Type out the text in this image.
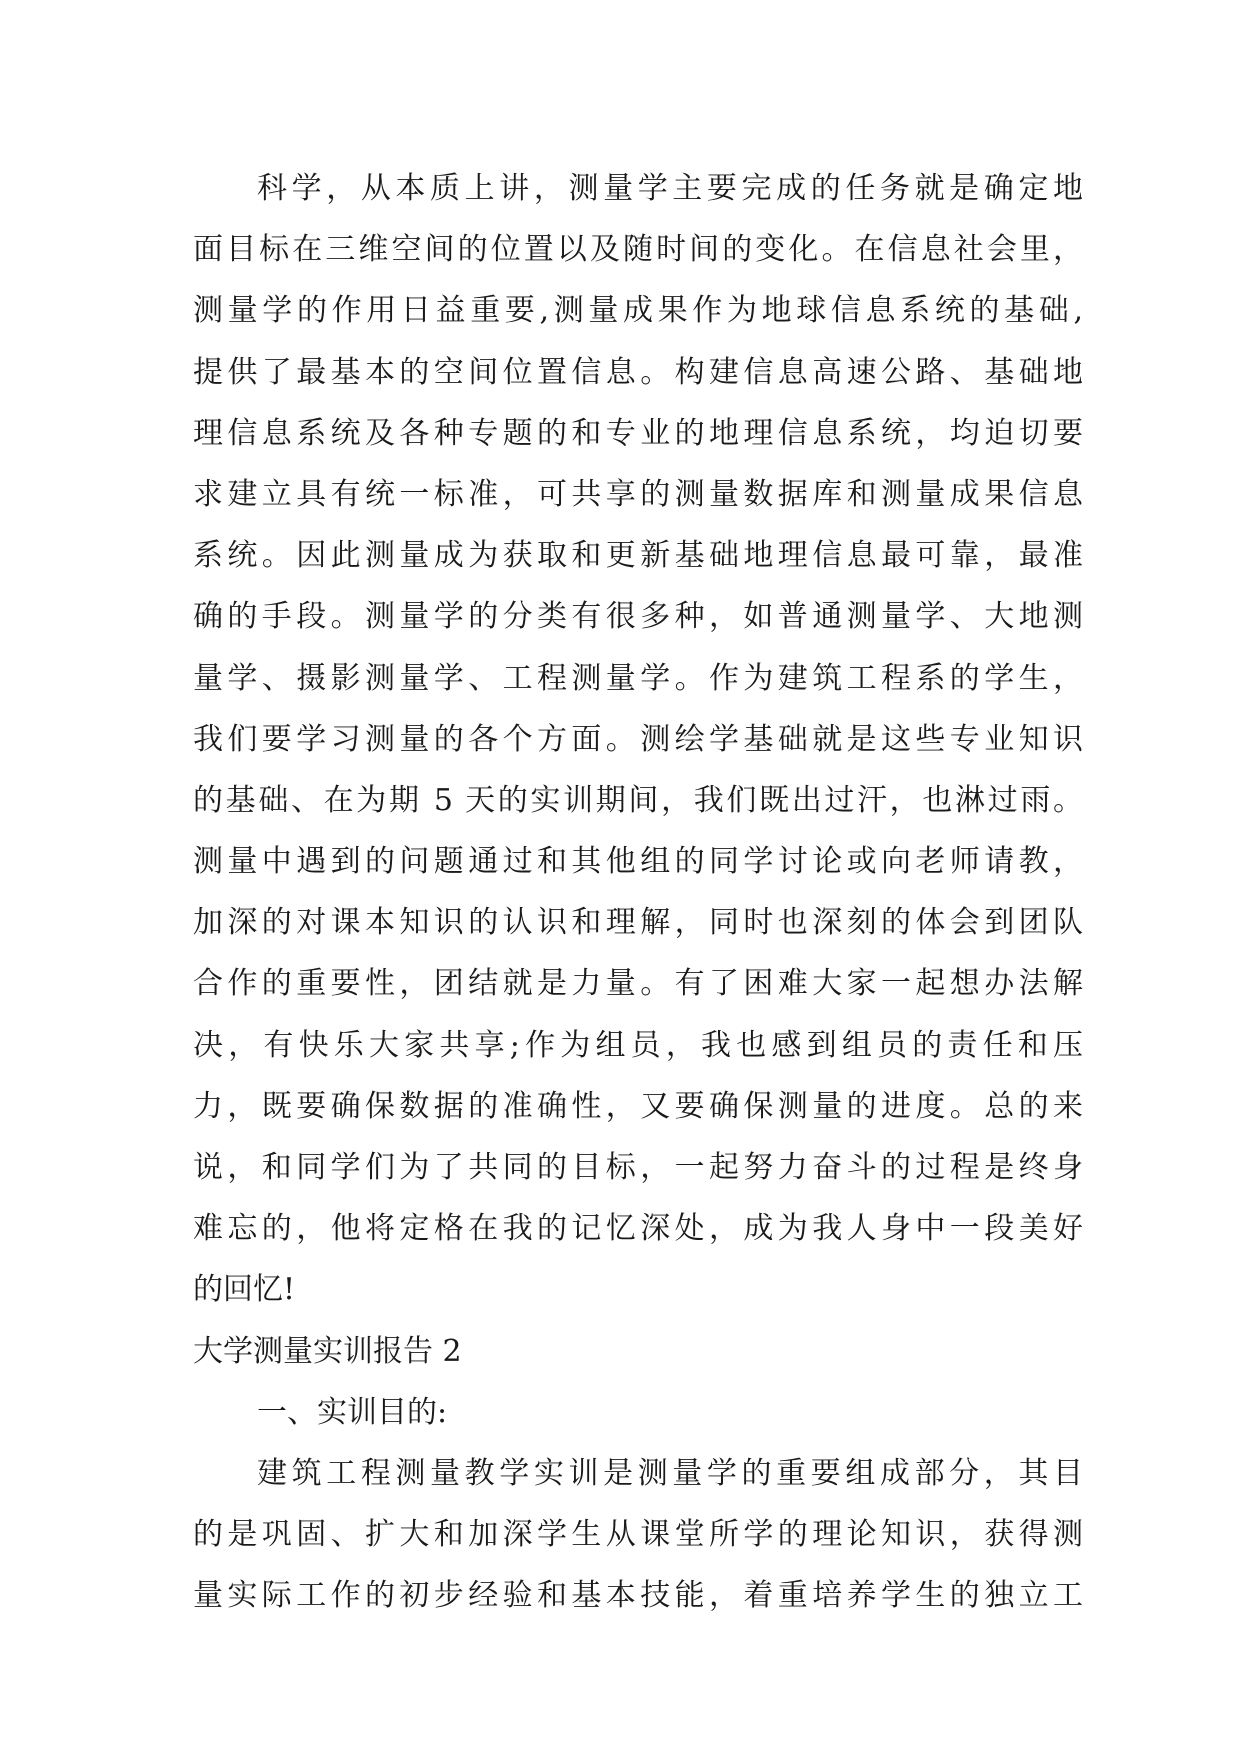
科学，从本质上讲，测量学主要完成的任务就是确定地
面目标在三维空间的位置以及随时间的变化。在信息社会里，
测量学的作用日益重要,测量成果作为地球信息系统的基础,
提供了最基本的空间位置信息。构建信息高速公路、基础地
理信息系统及各种专题的和专业的地理信息系统，均迫切要
求建立具有统一标准，可共享的测量数据库和测量成果信息
系统。因此测量成为获取和更新基础地理信息最可靠，最准
确的手段。测量学的分类有很多种，如普通测量学、大地测
量学、摄影测量学、工程测量学。作为建筑工程系的学生，
我们要学习测量的各个方面。测绘学基础就是这些专业知识
的基础、在为期 5 天的实训期间，我们既出过汗，也淋过雨。
测量中遇到的问题通过和其他组的同学讨论或向老师请教，
加深的对课本知识的认识和理解，同时也深刻的体会到团队
合作的重要性，团结就是力量。有了困难大家一起想办法解
决，有快乐大家共享;作为组员，我也感到组员的责任和压
力，既要确保数据的准确性，又要确保测量的进度。总的来
说，和同学们为了共同的目标，一起努力奋斗的过程是终身
难忘的，他将定格在我的记忆深处，成为我人身中一段美好
的回忆!
大学测量实训报告 2
一、实训目的:
建筑工程测量教学实训是测量学的重要组成部分，其目
的是巩固、扩大和加深学生从课堂所学的理论知识，获得测
量实际工作的初步经验和基本技能，着重培养学生的独立工
